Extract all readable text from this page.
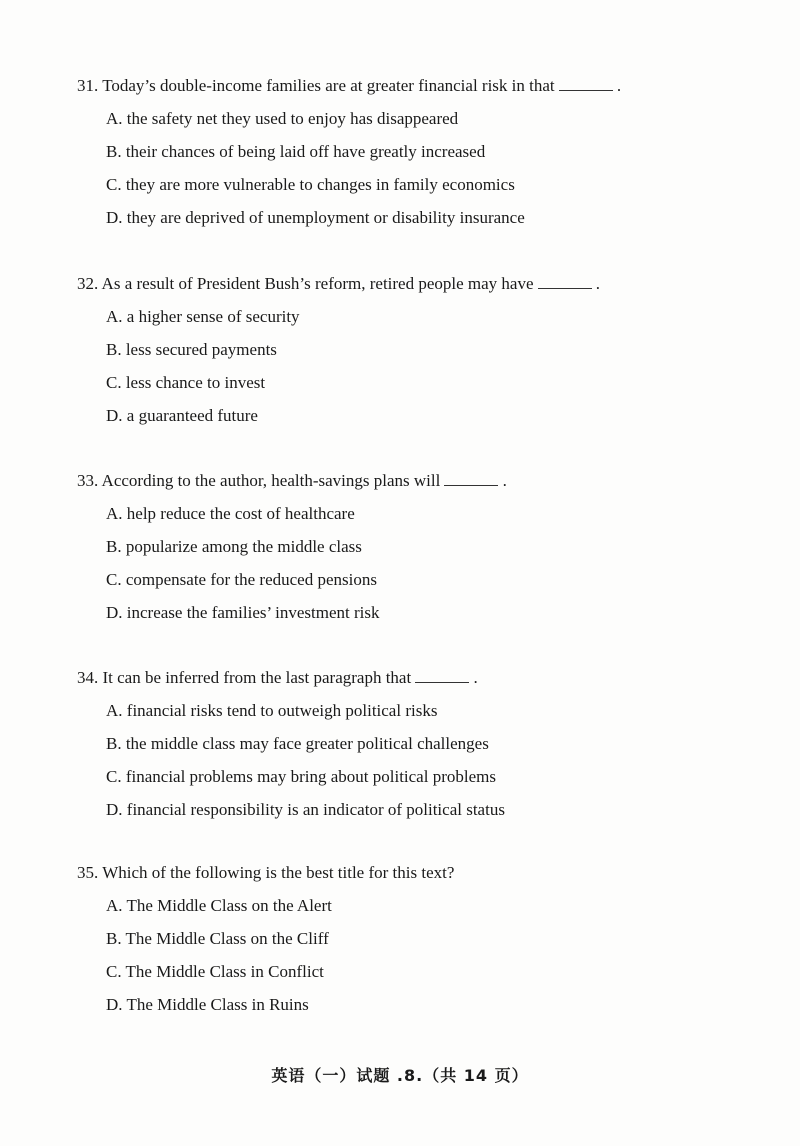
31. Today’s double-income families are at greater financial risk in that	.
A. the safety net they used to enjoy has disappeared
B. their chances of being laid off have greatly increased
C. they are more vulnerable to changes in family economics
D. they are deprived of unemployment or disability insurance
32. As a result of President Bush’s reform, retired people may have	.
A. a higher sense of security
B. less secured payments
C. less chance to invest
D. a guaranteed future
33. According to the author, health-savings plans will	.
A. help reduce the cost of healthcare
B. popularize among the middle class
C. compensate for the reduced pensions
D. increase the families’ investment risk
34. It can be inferred from the last paragraph that	.
A. financial risks tend to outweigh political risks
B. the middle class may face greater political challenges
C. financial problems may bring about political problems
D. financial responsibility is an indicator of political status
35. Which of the following is the best title for this text?
A. The Middle Class on the Alert
B. The Middle Class on the Cliff
C. The Middle Class in Conflict
D. The Middle Class in Ruins
英语（一）试题 .8.（共 14 页）
